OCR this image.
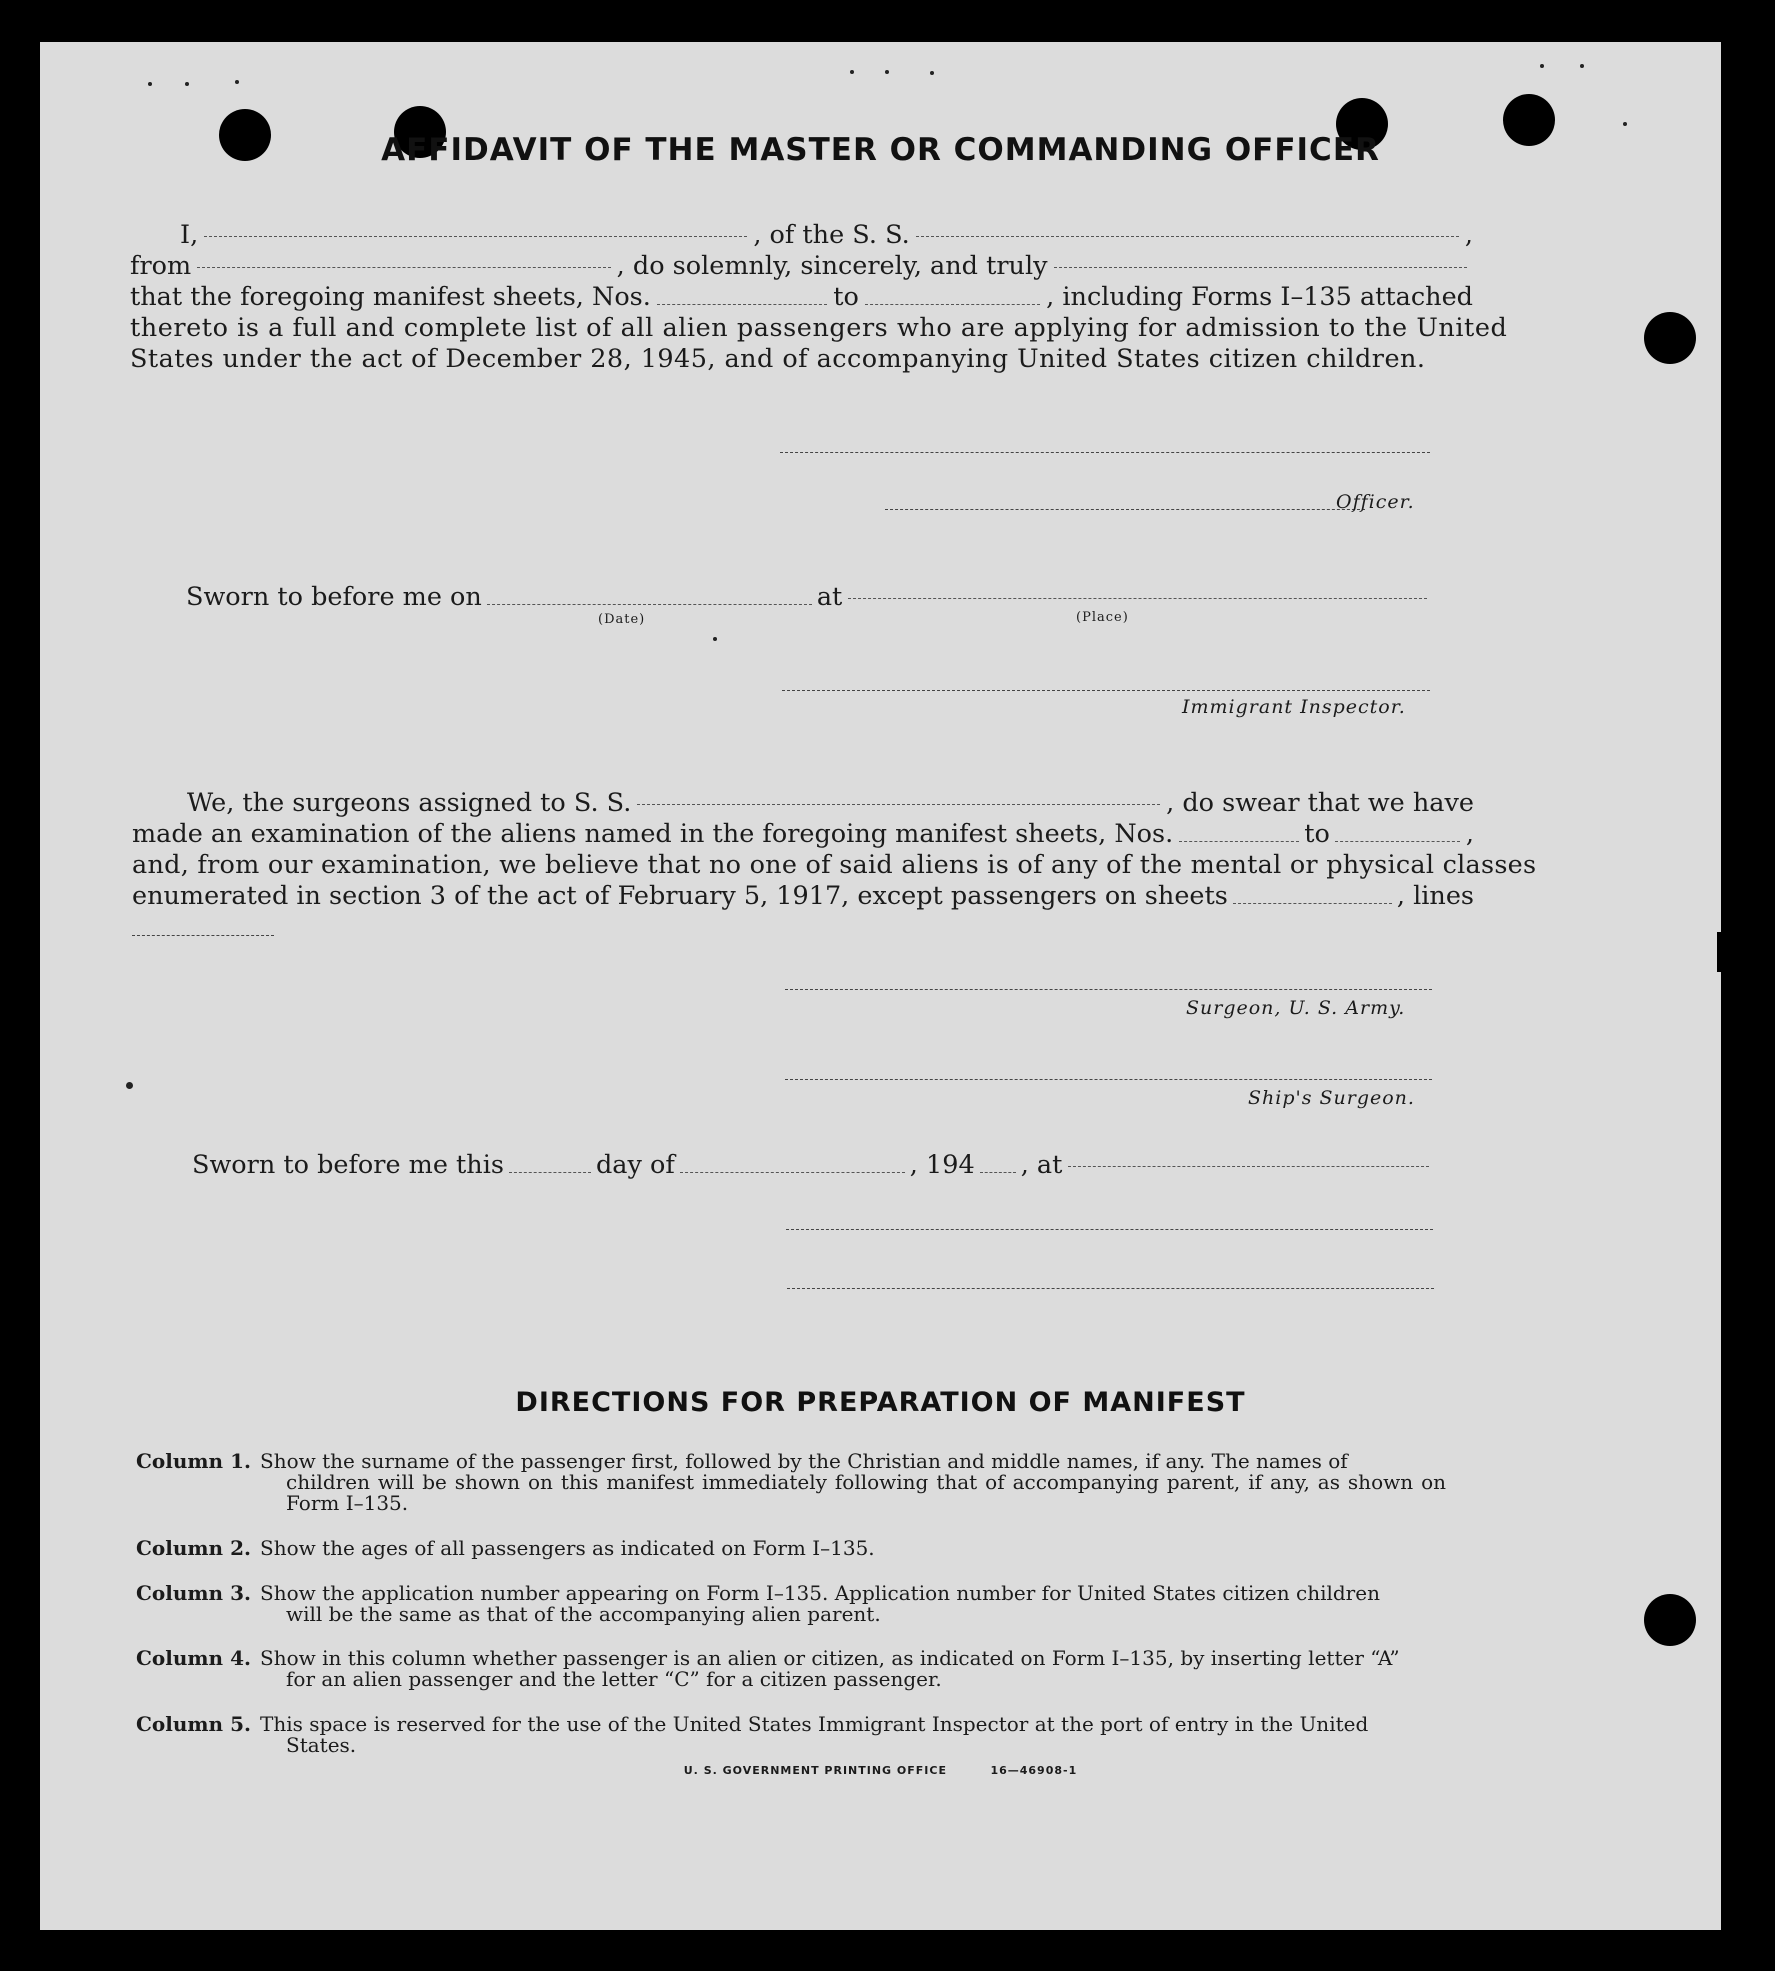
AFFIDAVIT OF THE MASTER OR COMMANDING OFFICER
I,	, of the S. S.	,
from	, do solemnly, sincerely, and truly
that the foregoing manifest sheets, Nos.	to	, including Forms I–135 attached
thereto is a full and complete list of all alien passengers who are applying for admission to the United
States under the act of December 28, 1945, and of accompanying United States citizen children.
Officer.
Sworn to before me on	at
(Date)	(Place)
Immigrant Inspector.
We, the surgeons assigned to S. S.	, do swear that we have
made an examination of the aliens named in the foregoing manifest sheets, Nos.	to	,
and, from our examination, we believe that no one of said aliens is of any of the mental or physical classes
enumerated in section 3 of the act of February 5, 1917, except passengers on sheets	, lines
Surgeon, U. S. Army.
Ship's Surgeon.
Sworn to before me this	day of	, 194 , at
DIRECTIONS FOR PREPARATION OF MANIFEST
Column 1. Show the surname of the passenger first, followed by the Christian and middle names, if any. The names of
children will be shown on this manifest immediately following that of accompanying parent, if any, as shown on Form I–135.
Column 2. Show the ages of all passengers as indicated on Form I–135.
Column 3. Show the application number appearing on Form I–135. Application number for United States citizen children
will be the same as that of the accompanying alien parent.
Column 4. Show in this column whether passenger is an alien or citizen, as indicated on Form I–135, by inserting letter “A”
for an alien passenger and the letter “C” for a citizen passenger.
Column 5. This space is reserved for the use of the United States Immigrant Inspector at the port of entry in the United
States.
U. S. GOVERNMENT PRINTING OFFICE	16—46908-1
